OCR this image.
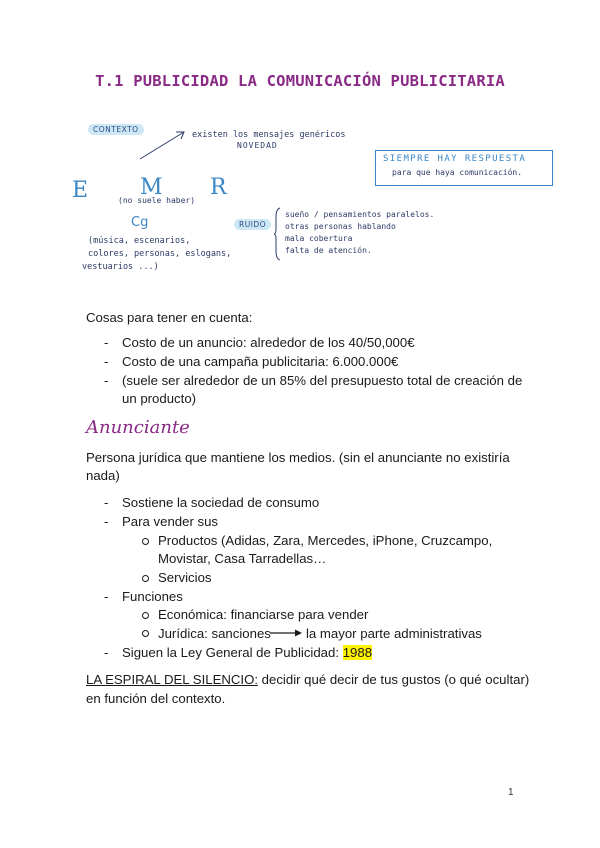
T.1 PUBLICIDAD LA COMUNICACIÓN PUBLICITARIA
CONTEXTO
existen los mensajes genéricos
NOVEDAD
SIEMPRE HAY RESPUESTA
para que haya comunicación.
E M R
(no suele haber)
Cg
(música, escenarios,
colores, personas, eslogans,
vestuarios ...)
RUIDO
sueño / pensamientos paralelos.
otras personas hablando
mala cobertura
falta de atención.
Cosas para tener en cuenta:
- Costo de un anuncio: alrededor de los 40/50,000€
- Costo de una campaña publicitaria: 6.000.000€
- (suele ser alrededor de un 85% del presupuesto total de creación de
un producto)
Anunciante
Persona jurídica que mantiene los medios. (sin el anunciante no existiría
nada)
- Sostiene la sociedad de consumo
- Para vender sus
Productos (Adidas, Zara, Mercedes, iPhone, Cruzcampo,
Movistar, Casa Tarradellas…
Servicios
- Funciones
Económica: financiarse para vender
Jurídica: sanciones	la mayor parte administrativas
- Siguen la Ley General de Publicidad: 1988
LA ESPIRAL DEL SILENCIO: decidir qué decir de tus gustos (o qué ocultar)
en función del contexto.
1
